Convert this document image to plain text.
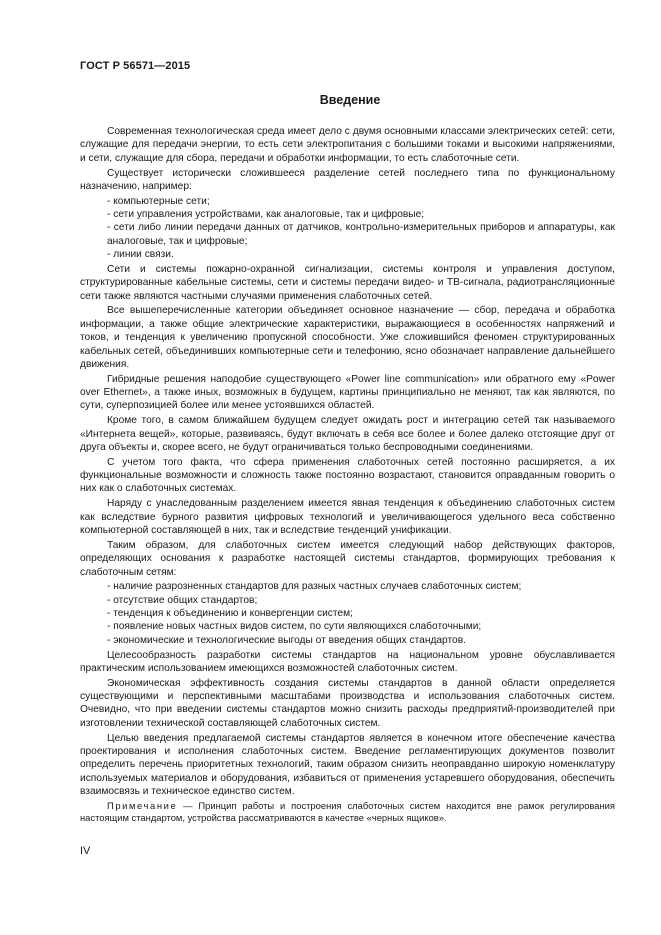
ГОСТ Р 56571—2015
Введение

Современная технологическая среда имеет дело с двумя основными классами электрических сетей: сети, служащие для передачи энергии, то есть сети электропитания с большими токами и высокими напряжениями, и сети, служащие для сбора, передачи и обработки информации, то есть слаботочные сети.

Существует исторически сложившееся разделение сетей последнего типа по функциональному назначению, например:

- компьютерные сети;
- сети управления устройствами, как аналоговые, так и цифровые;
- сети либо линии передачи данных от датчиков, контрольно-измерительных приборов и аппаратуры, как аналоговые, так и цифровые;
- линии связи.

Сети и системы пожарно-охранной сигнализации, системы контроля и управления доступом, структурированные кабельные системы, сети и системы передачи видео- и ТВ-сигнала, радиотрансляционные сети также являются частными случаями применения слаботочных сетей.

Все вышеперечисленные категории объединяет основное назначение — сбор, передача и обработка информации, а также общие электрические характеристики, выражающиеся в особенностях напряжений и токов, и тенденция к увеличению пропускной способности. Уже сложившийся феномен структурированных кабельных сетей, объединивших компьютерные сети и телефонию, ясно обозначает направление дальнейшего движения.

Гибридные решения наподобие существующего «Power line communication» или обратного ему «Power over Ethernet», а также иных, возможных в будущем, картины принципиально не меняют, так как являются, по сути, суперпозицией более или менее устоявшихся областей.

Кроме того, в самом ближайшем будущем следует ожидать рост и интеграцию сетей так называемого «Интернета вещей», которые, развиваясь, будут включать в себя все более и более далеко отстоящие друг от друга объекты и, скорее всего, не будут ограничиваться только беспроводными соединениями.

С учетом того факта, что сфера применения слаботочных сетей постоянно расширяется, а их функциональные возможности и сложность также постоянно возрастают, становится оправданным говорить о них как о слаботочных системах.

Наряду с унаследованным разделением имеется явная тенденция к объединению слаботочных систем как вследствие бурного развития цифровых технологий и увеличивающегося удельного веса собственно компьютерной составляющей в них, так и вследствие тенденций унификации.

Таким образом, для слаботочных систем имеется следующий набор действующих факторов, определяющих основания к разработке настоящей системы стандартов, формирующих требования к слаботочным сетям:

- наличие разрозненных стандартов для разных частных случаев слаботочных систем;
- отсутствие общих стандартов;
- тенденция к объединению и конвергенции систем;
- появление новых частных видов систем, по сути являющихся слаботочными;
- экономические и технологические выгоды от введения общих стандартов.

Целесообразность разработки системы стандартов на национальном уровне обуславливается практическим использованием имеющихся возможностей слаботочных систем.

Экономическая эффективность создания системы стандартов в данной области определяется существующими и перспективными масштабами производства и использования слаботочных систем. Очевидно, что при введении системы стандартов можно снизить расходы предприятий-производителей при изготовлении технической составляющей слаботочных систем.

Целью введения предлагаемой системы стандартов является в конечном итоге обеспечение качества проектирования и исполнения слаботочных систем. Введение регламентирующих документов позволит определить перечень приоритетных технологий, таким образом снизить неоправданно широкую номенклатуру используемых материалов и оборудования, избавиться от применения устаревшего оборудования, обеспечить взаимосвязь и техническое единство систем.

Примечание — Принцип работы и построения слаботочных систем находится вне рамок регулирования настоящим стандартом, устройства рассматриваются в качестве «черных ящиков».

IV
